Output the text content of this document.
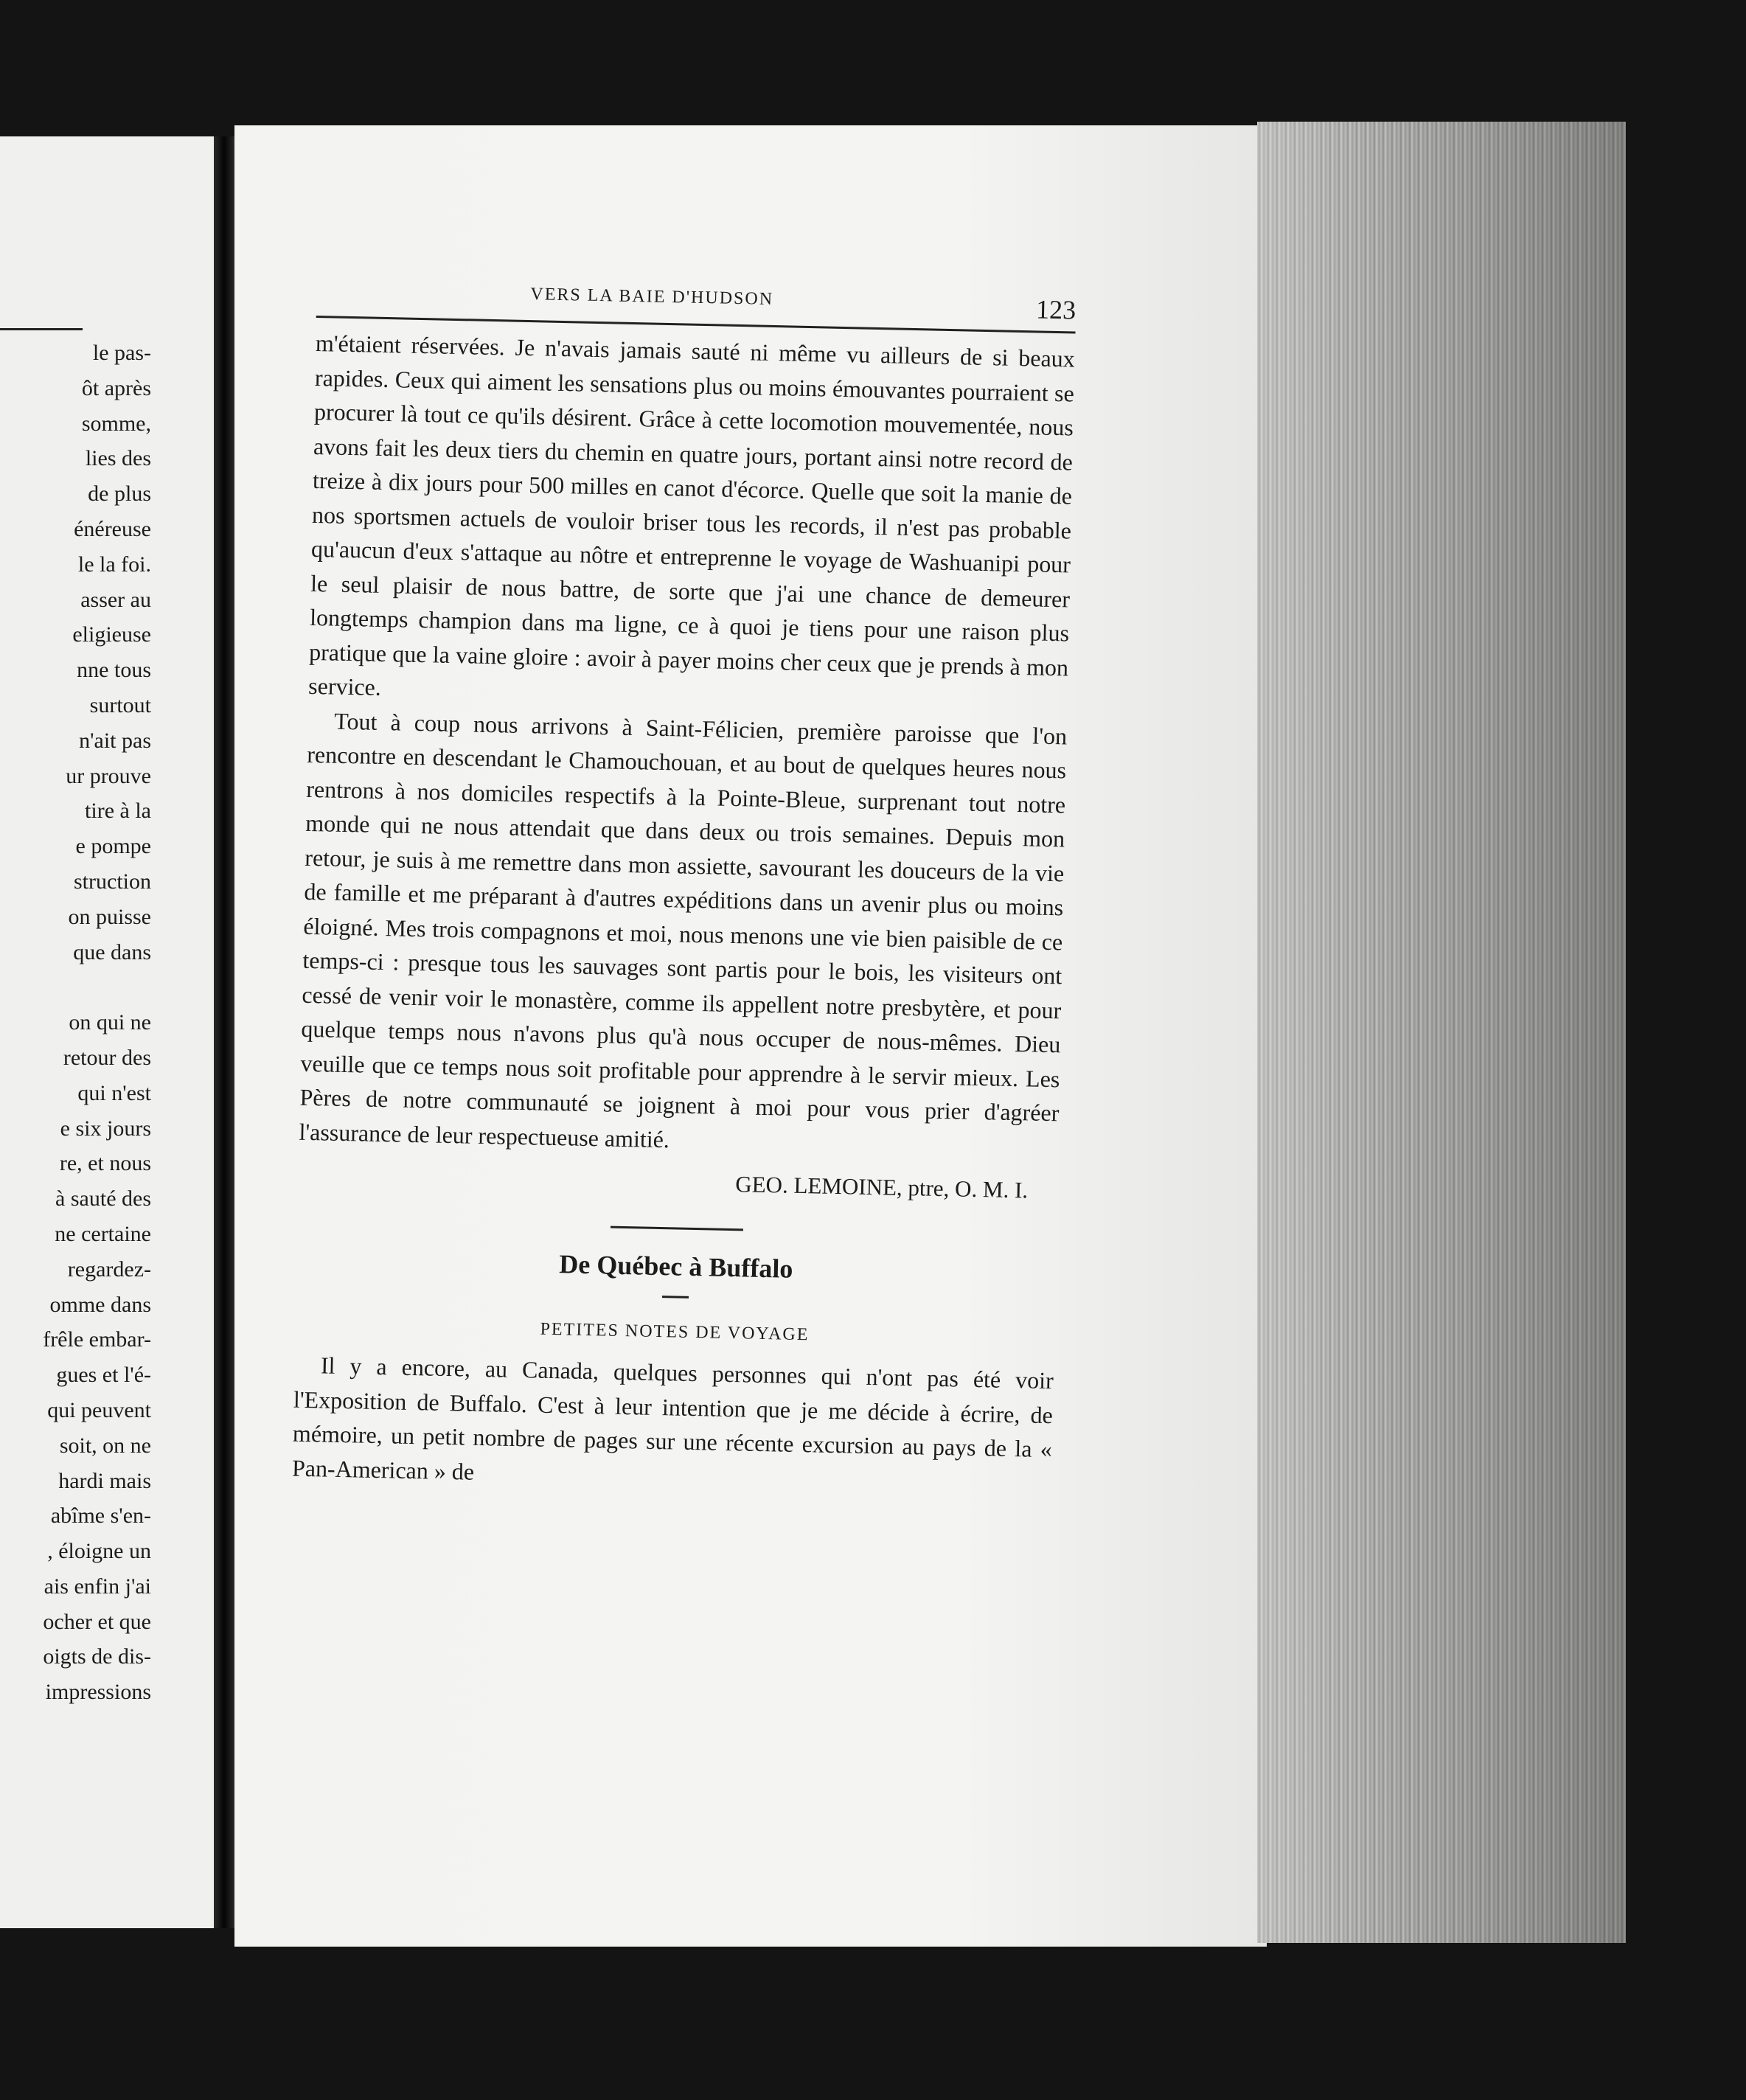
le pas-
ôt après
somme,
lies des
de plus
énéreuse
le la foi.
asser au
eligieuse
nne tous
surtout
n'ait pas
ur prouve
tire à la
e pompe
struction
on puisse
que dans
on qui ne
retour des
qui n'est
e six jours
re, et nous
à sauté des
ne certaine
regardez-
omme dans
frêle embar-
gues et l'é-
qui peuvent
soit, on ne
hardi mais
abîme s'en-
, éloigne un
ais enfin j'ai
ocher et que
oigts de dis-
impressions
VERS LA BAIE D'HUDSON	123

m'étaient réservées. Je n'avais jamais sauté ni même vu ailleurs de si beaux rapides. Ceux qui aiment les sensations plus ou moins émouvantes pourraient se procurer là tout ce qu'ils désirent. Grâce à cette locomotion mouvementée, nous avons fait les deux tiers du chemin en quatre jours, portant ainsi notre record de treize à dix jours pour 500 milles en canot d'écorce. Quelle que soit la manie de nos sportsmen actuels de vouloir briser tous les records, il n'est pas probable qu'aucun d'eux s'attaque au nôtre et entreprenne le voyage de Washuanipi pour le seul plaisir de nous battre, de sorte que j'ai une chance de demeurer longtemps champion dans ma ligne, ce à quoi je tiens pour une raison plus pratique que la vaine gloire : avoir à payer moins cher ceux que je prends à mon service.

Tout à coup nous arrivons à Saint-Félicien, première paroisse que l'on rencontre en descendant le Chamouchouan, et au bout de quelques heures nous rentrons à nos domiciles respectifs à la Pointe-Bleue, surprenant tout notre monde qui ne nous attendait que dans deux ou trois semaines. Depuis mon retour, je suis à me remettre dans mon assiette, savourant les douceurs de la vie de famille et me préparant à d'autres expéditions dans un avenir plus ou moins éloigné. Mes trois compagnons et moi, nous menons une vie bien paisible de ce temps-ci : presque tous les sauvages sont partis pour le bois, les visiteurs ont cessé de venir voir le monastère, comme ils appellent notre presbytère, et pour quelque temps nous n'avons plus qu'à nous occuper de nous-mêmes. Dieu veuille que ce temps nous soit profitable pour apprendre à le servir mieux. Les Pères de notre communauté se joignent à moi pour vous prier d'agréer l'assurance de leur respectueuse amitié.

GEO. LEMOINE, ptre, O. M. I.
De Québec à Buffalo
PETITES NOTES DE VOYAGE

Il y a encore, au Canada, quelques personnes qui n'ont pas été voir l'Exposition de Buffalo. C'est à leur intention que je me décide à écrire, de mémoire, un petit nombre de pages sur une récente excursion au pays de la « Pan-American » de
